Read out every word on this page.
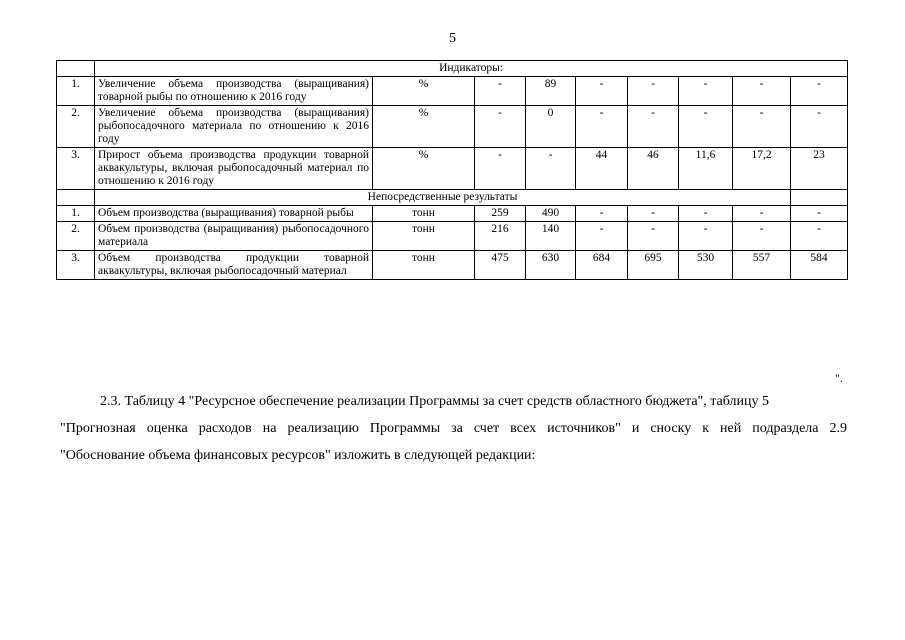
5
	Индикаторы:								
1.	Увеличение объема производства (выращивания) товарной рыбы по отношению к 2016 году	%	-	89	-	-	-	-	-
2.	Увеличение объема производства (выращивания) рыбопосадочного материала по отношению к 2016 году	%	-	0	-	-	-	-	-
3.	Прирост объема производства продукции товарной аквакультуры, включая рыбопосадочный материал по отношению к 2016 году	%	-	-	44	46	11,6	17,2	23
	Непосредственные результаты								
1.	Объем производства (выращивания) товарной рыбы	тонн	259	490	-	-	-	-	-
2.	Объем производства (выращивания) рыбопосадочного материала	тонн	216	140	-	-	-	-	-
3.	Объем производства продукции товарной аквакультуры, включая рыбопосадочный материал	тонн	475	630	684	695	530	557	584
".
2.3. Таблицу 4 "Ресурсное обеспечение реализации Программы за счет средств областного бюджета", таблицу 5
"Прогнозная оценка расходов на реализацию Программы за счет всех источников" и сноску к ней подраздела 2.9
"Обоснование объема финансовых ресурсов" изложить в следующей редакции:
